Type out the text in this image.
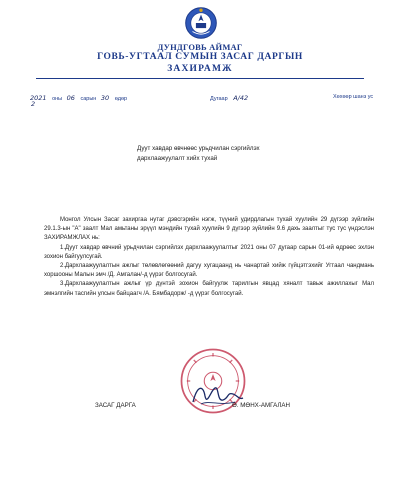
ДУНДГОВЬ АЙМАГ
ГОВЬ-УГТААЛ СУМЫН ЗАСАГ ДАРГЫН
ЗАХИРАМЖ
2021 оны 06 сарын 30 өдөр
2
Дугаар А/42	Хөхөөр шанз ус
Дуут хавдар өвчнөөс урьдчилан сэргийлэх
дархлаажуулалт хийх тухай

Монгол Улсын Засаг захиргаа нутаг дэвсгэрийн нэгж, түүний удирдлагын тухай хуулийн 29 дүгээр зүйлийн 29.1.3-ын "А" заалт Мал амьтаны эрүүл мэндийн тухай хуулийн 9 дүгээр зүйлийн 9.6 дахь заалтыг тус тус үндэслэн ЗАХИРАМЖЛАХ нь:

1.Дуут хавдар өвчний урьдчилан сэргийлэх дархлаажуулалтыг 2021 оны 07 дугаар сарын 01-ий өдрөөс эхлэн зохион байгуулсугай.

2.Дархлаажуулалтын ажлыг төлөвлөгөөний дагуу хугацаанд нь чанартай хийж гүйцэтгэхийг Угтаал чандмань хоршооны Малын эмч /Д. Амгалан/-д үүрэг болгосугай.

3.Дархлаажуулалтын ажлыг үр дүнтэй зохион байгуулж тарилгын явцад хяналт тавьж ажиллахыг Мал эмнэлгийн тасгийн улсын байцаагч /А. Бямбадорж/ -д үүрэг болгосугай.

ЗАСАГ ДАРГА	Ө. МӨНХ-АМГАЛАН
